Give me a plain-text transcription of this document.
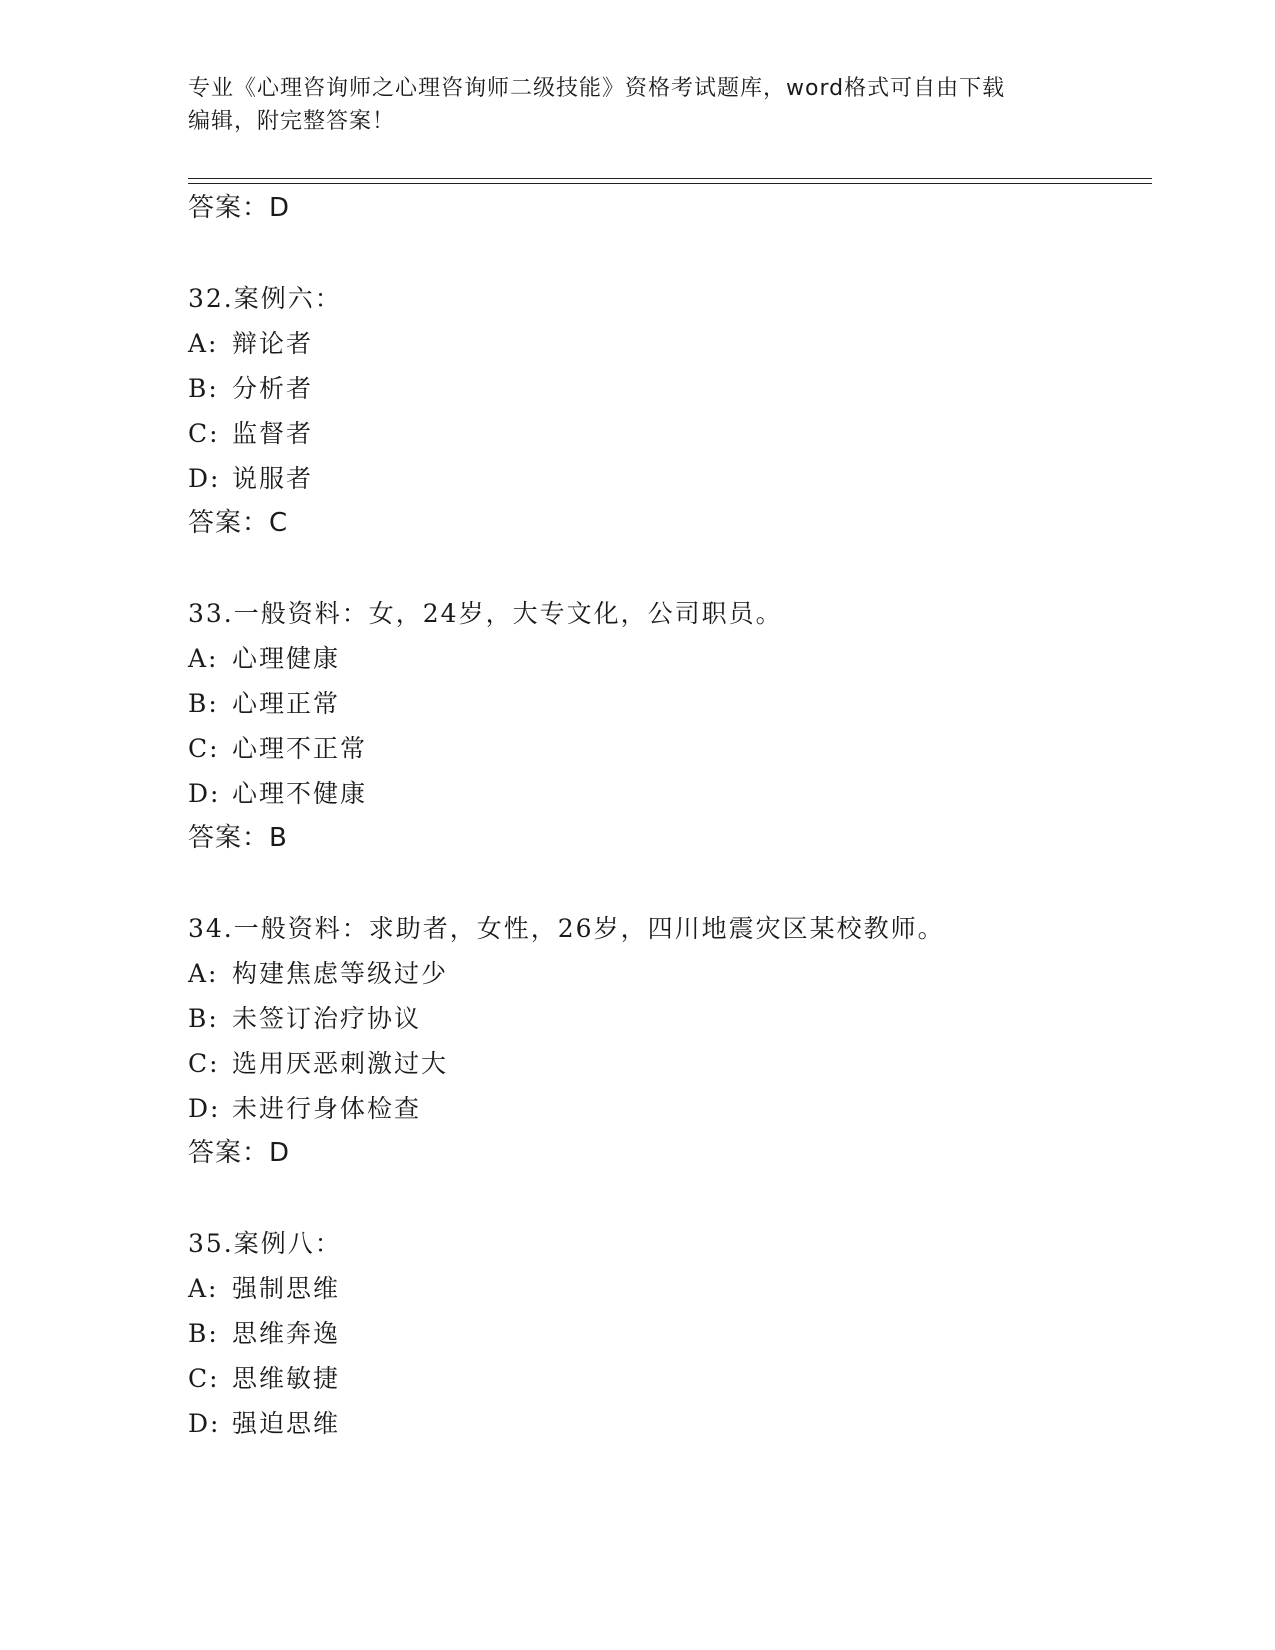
专业《心理咨询师之心理咨询师二级技能》资格考试题库，word格式可自由下载
编辑，附完整答案！
答案：D
32.案例六：
A: 辩论者
B: 分析者
C: 监督者
D: 说服者
答案：C
33.一般资料：女，24岁，大专文化，公司职员。
A: 心理健康
B: 心理正常
C: 心理不正常
D: 心理不健康
答案：B
34.一般资料：求助者，女性，26岁，四川地震灾区某校教师。
A: 构建焦虑等级过少
B: 未签订治疗协议
C: 选用厌恶刺激过大
D: 未进行身体检查
答案：D
35.案例八：
A: 强制思维
B: 思维奔逸
C: 思维敏捷
D: 强迫思维
